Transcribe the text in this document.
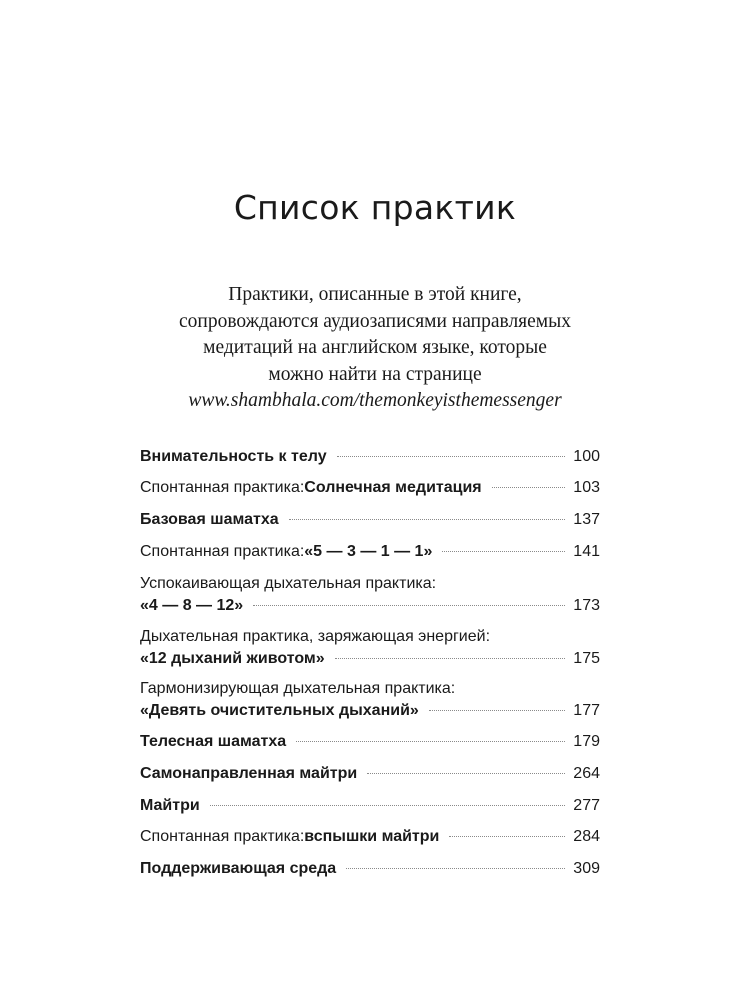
Список практик
Практики, описанные в этой книге,
сопровождаются аудиозаписями направляемых
медитаций на английском языке, которые
можно найти на странице
www.shambhala.com/themonkeyisthemessenger
Внимательность к телу	100
Спонтанная практика: Солнечная медитация	103
Базовая шаматха	137
Спонтанная практика: «5 — 3 — 1 — 1»	141
Успокаивающая дыхательная практика:
«4 — 8 — 12»	173
Дыхательная практика, заряжающая энергией:
«12 дыханий животом»	175
Гармонизирующая дыхательная практика:
«Девять очистительных дыханий»	177
Телесная шаматха	179
Самонаправленная майтри	264
Майтри	277
Спонтанная практика: вспышки майтри	284
Поддерживающая среда	309
